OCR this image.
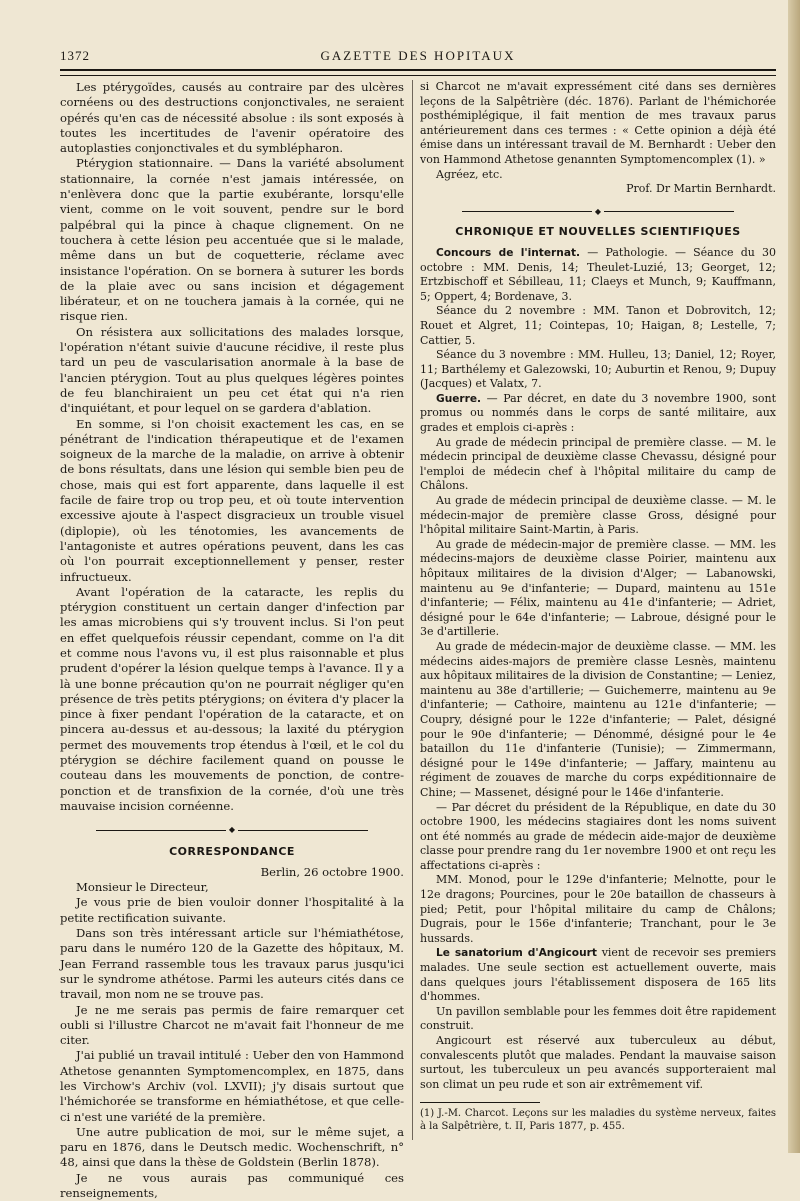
1372	GAZETTE DES HOPITAUX

Les ptérygoïdes, causés au contraire par des ulcères cornéens ou des destructions conjonctivales, ne seraient opérés qu'en cas de nécessité absolue : ils sont exposés à toutes les incertitudes de l'avenir opératoire des autoplasties conjonctivales et du symblépharon.

Ptérygion stationnaire. — Dans la variété absolument stationnaire, la cornée n'est jamais intéressée, on n'enlèvera donc que la partie exubérante, lorsqu'elle vient, comme on le voit souvent, pendre sur le bord palpébral qui la pince à chaque clignement. On ne touchera à cette lésion peu accentuée que si le malade, même dans un but de coquetterie, réclame avec insistance l'opération. On se bornera à suturer les bords de la plaie avec ou sans incision et dégagement libérateur, et on ne touchera jamais à la cornée, qui ne risque rien.

On résistera aux sollicitations des malades lorsque, l'opération n'étant suivie d'aucune récidive, il reste plus tard un peu de vascularisation anormale à la base de l'ancien ptérygion. Tout au plus quelques légères pointes de feu blanchiraient un peu cet état qui n'a rien d'inquiétant, et pour lequel on se gardera d'ablation.

En somme, si l'on choisit exactement les cas, en se pénétrant de l'indication thérapeutique et de l'examen soigneux de la marche de la maladie, on arrive à obtenir de bons résultats, dans une lésion qui semble bien peu de chose, mais qui est fort apparente, dans laquelle il est facile de faire trop ou trop peu, et où toute intervention excessive ajoute à l'aspect disgracieux un trouble visuel (diplopie), où les ténotomies, les avancements de l'antagoniste et autres opérations peuvent, dans les cas où l'on pourrait exceptionnellement y penser, rester infructueux.

Avant l'opération de la cataracte, les replis du ptérygion constituent un certain danger d'infection par les amas microbiens qui s'y trouvent inclus. Si l'on peut en effet quelquefois réussir cependant, comme on l'a dit et comme nous l'avons vu, il est plus raisonnable et plus prudent d'opérer la lésion quelque temps à l'avance. Il y a là une bonne précaution qu'on ne pourrait négliger qu'en présence de très petits ptérygions; on évitera d'y placer la pince à fixer pendant l'opération de la cataracte, et on pincera au-dessus et au-dessous; la laxité du ptérygion permet des mouvements trop étendus à l'œil, et le col du ptérygion se déchire facilement quand on pousse le couteau dans les mouvements de ponction, de contre-ponction et de transfixion de la cornée, d'où une très mauvaise incision cornéenne.

◆

CORRESPONDANCE

Berlin, 26 octobre 1900.

Monsieur le Directeur,

Je vous prie de bien vouloir donner l'hospitalité à la petite rectification suivante.

Dans son très intéressant article sur l'hémiathétose, paru dans le numéro 120 de la Gazette des hôpitaux, M. Jean Ferrand rassemble tous les travaux parus jusqu'ici sur le syndrome athétose. Parmi les auteurs cités dans ce travail, mon nom ne se trouve pas.

Je ne me serais pas permis de faire remarquer cet oubli si l'illustre Charcot ne m'avait fait l'honneur de me citer.

J'ai publié un travail intitulé : Ueber den von Hammond Athetose genannten Symptomencomplex, en 1875, dans les Virchow's Archiv (vol. LXVII); j'y disais surtout que l'hémichorée se transforme en hémiathétose, et que celle-ci n'est une variété de la première.

Une autre publication de moi, sur le même sujet, a paru en 1876, dans le Deutsch medic. Wochenschrift, n° 48, ainsi que dans la thèse de Goldstein (Berlin 1878).

Je ne vous aurais pas communiqué ces renseignements,

si Charcot ne m'avait expressément cité dans ses dernières leçons de la Salpêtrière (déc. 1876). Parlant de l'hémichorée posthémiplégique, il fait mention de mes travaux parus antérieurement dans ces termes : « Cette opinion a déjà été émise dans un intéressant travail de M. Bernhardt : Ueber den von Hammond Athetose genannten Symptomencomplex (1). »

Agréez, etc.

Prof. Dr Martin Bernhardt.

◆

CHRONIQUE ET NOUVELLES SCIENTIFIQUES

Concours de l'internat. — Pathologie. — Séance du 30 octobre : MM. Denis, 14; Theulet-Luzié, 13; Georget, 12; Ertzbischoff et Sébilleau, 11; Claeys et Munch, 9; Kauffmann, 5; Oppert, 4; Bordenave, 3.

Séance du 2 novembre : MM. Tanon et Dobrovitch, 12; Rouet et Algret, 11; Cointepas, 10; Haigan, 8; Lestelle, 7; Cattier, 5.

Séance du 3 novembre : MM. Hulleu, 13; Daniel, 12; Royer, 11; Barthélemy et Galezowski, 10; Auburtin et Renou, 9; Dupuy (Jacques) et Valatx, 7.

Guerre. — Par décret, en date du 3 novembre 1900, sont promus ou nommés dans le corps de santé militaire, aux grades et emplois ci-après :

Au grade de médecin principal de première classe. — M. le médecin principal de deuxième classe Chevassu, désigné pour l'emploi de médecin chef à l'hôpital militaire du camp de Châlons.

Au grade de médecin principal de deuxième classe. — M. le médecin-major de première classe Gross, désigné pour l'hôpital militaire Saint-Martin, à Paris.

Au grade de médecin-major de première classe. — MM. les médecins-majors de deuxième classe Poirier, maintenu aux hôpitaux militaires de la division d'Alger; — Labanowski, maintenu au 9e d'infanterie; — Dupard, maintenu au 151e d'infanterie; — Félix, maintenu au 41e d'infanterie; — Adriet, désigné pour le 64e d'infanterie; — Labroue, désigné pour le 3e d'artillerie.

Au grade de médecin-major de deuxième classe. — MM. les médecins aides-majors de première classe Lesnès, maintenu aux hôpitaux militaires de la division de Constantine; — Leniez, maintenu au 38e d'artillerie; — Guichemerre, maintenu au 9e d'infanterie; — Cathoire, maintenu au 121e d'infanterie; — Coupry, désigné pour le 122e d'infanterie; — Palet, désigné pour le 90e d'infanterie; — Dénommé, désigné pour le 4e bataillon du 11e d'infanterie (Tunisie); — Zimmermann, désigné pour le 149e d'infanterie; — Jaffary, maintenu au régiment de zouaves de marche du corps expéditionnaire de Chine; — Massenet, désigné pour le 146e d'infanterie.

— Par décret du président de la République, en date du 30 octobre 1900, les médecins stagiaires dont les noms suivent ont été nommés au grade de médecin aide-major de deuxième classe pour prendre rang du 1er novembre 1900 et ont reçu les affectations ci-après :

MM. Monod, pour le 129e d'infanterie; Melnotte, pour le 12e dragons; Pourcines, pour le 20e bataillon de chasseurs à pied; Petit, pour l'hôpital militaire du camp de Châlons; Dugrais, pour le 156e d'infanterie; Tranchant, pour le 3e hussards.

Le sanatorium d'Angicourt vient de recevoir ses premiers malades. Une seule section est actuellement ouverte, mais dans quelques jours l'établissement disposera de 165 lits d'hommes.

Un pavillon semblable pour les femmes doit être rapidement construit.

Angicourt est réservé aux tuberculeux au début, convalescents plutôt que malades. Pendant la mauvaise saison surtout, les tuberculeux un peu avancés supporteraient mal son climat un peu rude et son air extrêmement vif.

(1) J.-M. Charcot. Leçons sur les maladies du système nerveux, faites à la Salpêtrière, t. II, Paris 1877, p. 455.
